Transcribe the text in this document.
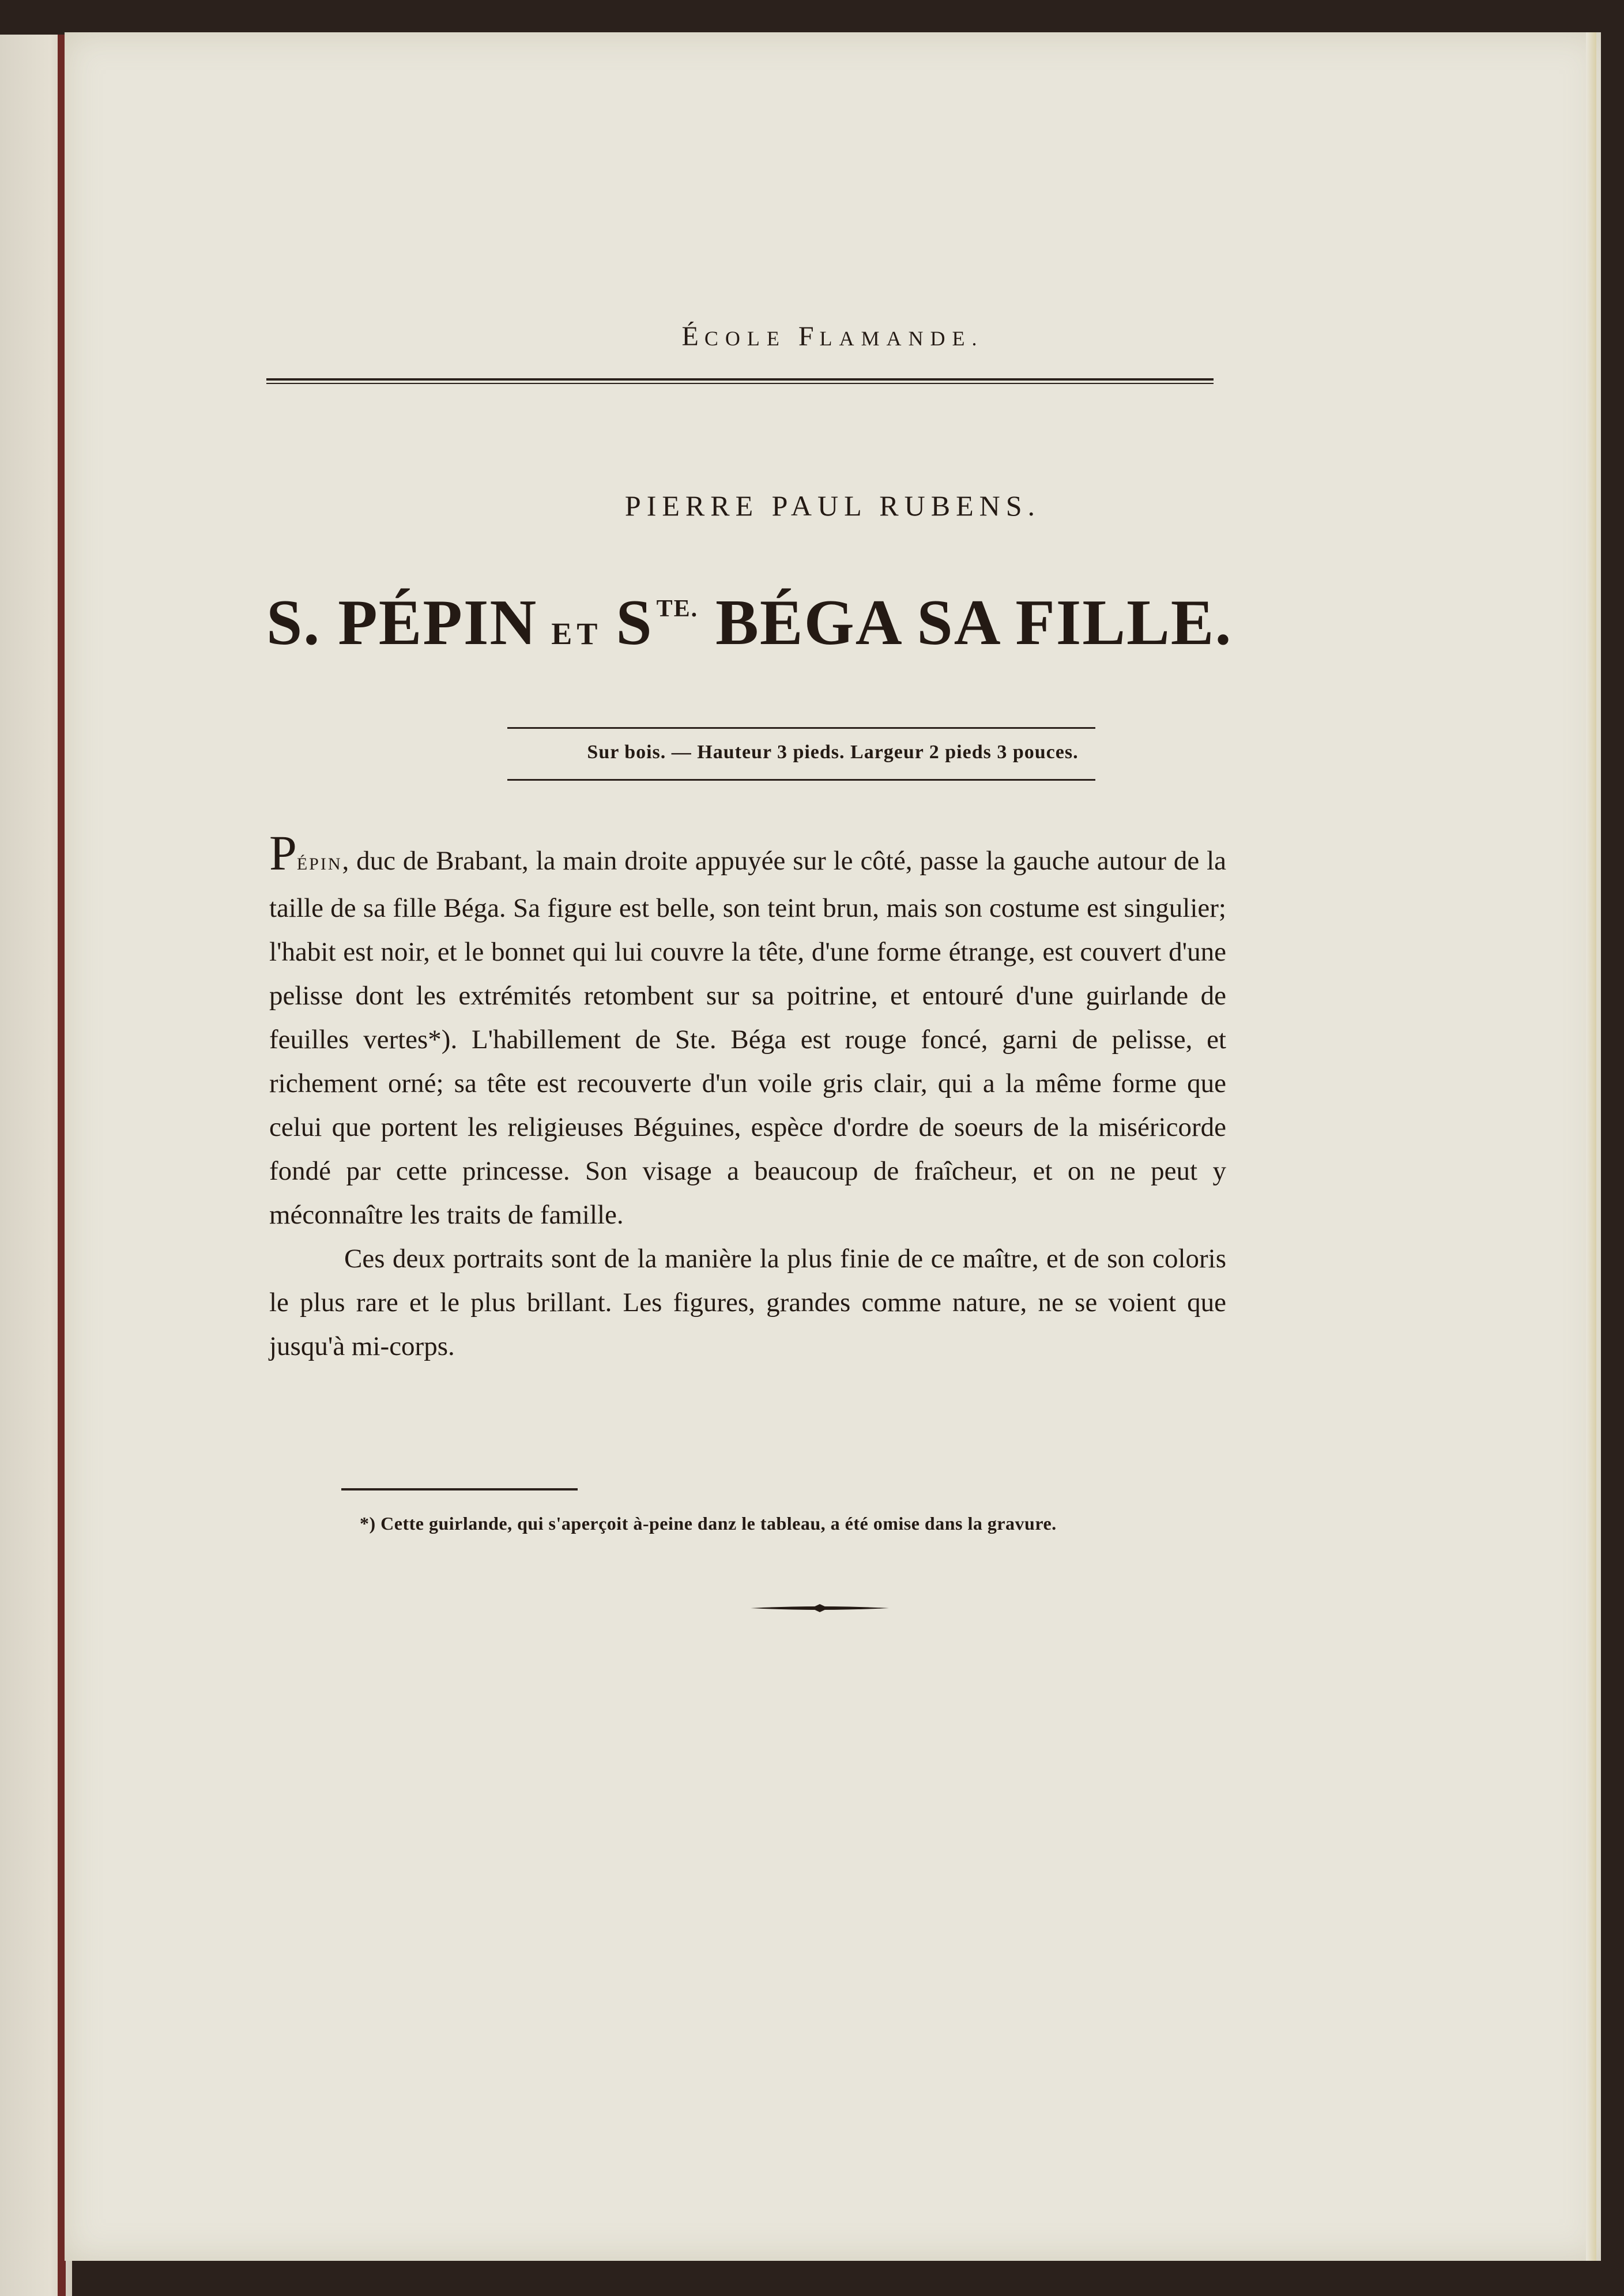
ÉCOLE FLAMANDE.
PIERRE PAUL RUBENS.
S. PÉPIN ET S $^{TE.}$ BÉGA SA FILLE.
Sur bois. — Hauteur 3 pieds. Largeur 2 pieds 3 pouces.

PÉPIN, duc de Brabant, la main droite appuyée sur le côté, passe la gauche autour de la taille de sa fille Béga. Sa figure est belle, son teint brun, mais son costume est singulier; l'habit est noir, et le bonnet qui lui couvre la tête, d'une forme étrange, est couvert d'une pelisse dont les extrémités retombent sur sa poitrine, et entouré d'une guirlande de feuilles vertes*). L'habillement de Ste. Béga est rouge foncé, garni de pelisse, et richement orné; sa tête est recouverte d'un voile gris clair, qui a la même forme que celui que portent les religieuses Béguines, espèce d'ordre de soeurs de la miséricorde fondé par cette princesse. Son visage a beaucoup de fraîcheur, et on ne peut y méconnaître les traits de famille.

Ces deux portraits sont de la manière la plus finie de ce maître, et de son coloris le plus rare et le plus brillant. Les figures, grandes comme nature, ne se voient que jusqu'à mi-corps.

*) Cette guirlande, qui s'aperçoit à-peine danz le tableau, a été omise dans la gravure.
